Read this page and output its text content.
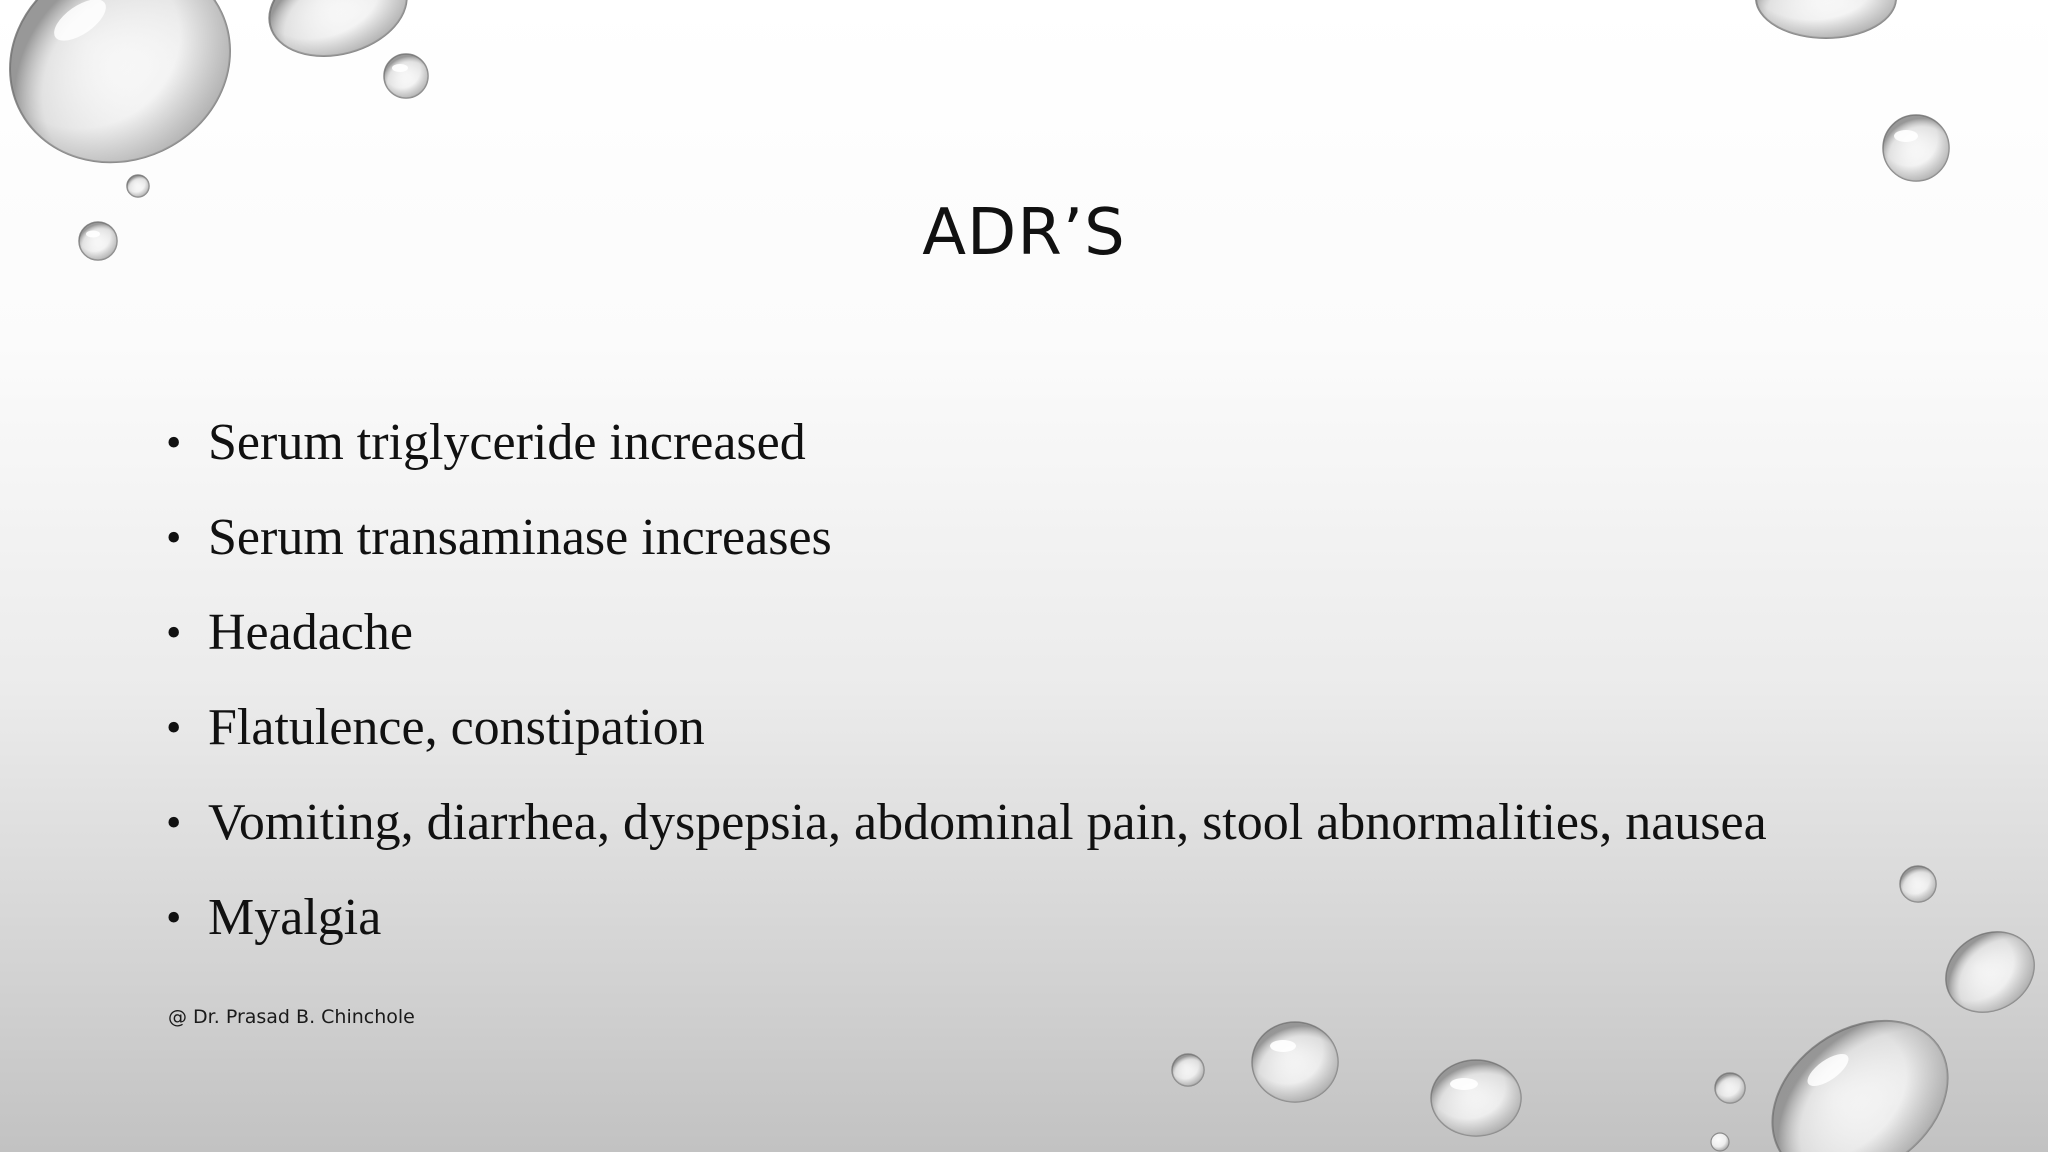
ADR’S
• Serum triglyceride increased
• Serum transaminase increases
• Headache
• Flatulence, constipation
• Vomiting, diarrhea, dyspepsia, abdominal pain, stool abnormalities, nausea
• Myalgia
@ Dr. Prasad B. Chinchole
